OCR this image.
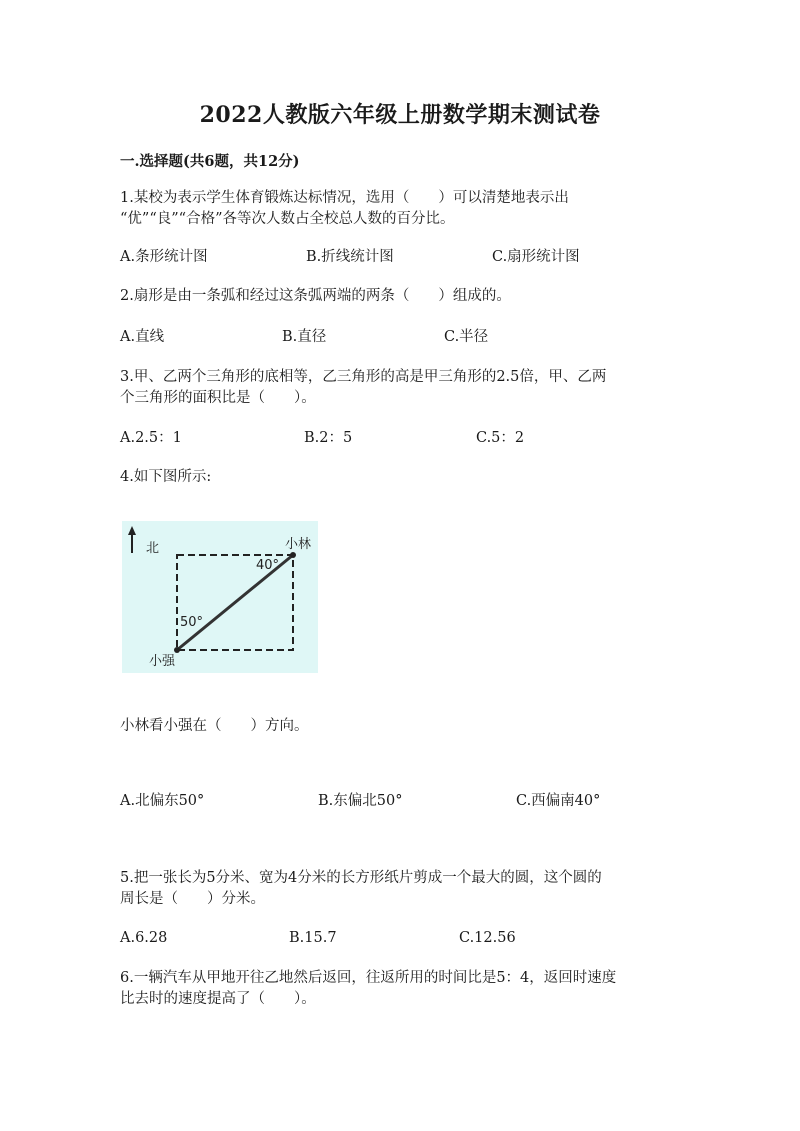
2022人教版六年级上册数学期末测试卷
一.选择题(共6题，共12分)
1.某校为表示学生体育锻炼达标情况，选用（　　）可以清楚地表示出
“优”“良”“合格”各等次人数占全校总人数的百分比。
A.条形统计图	B.折线统计图	C.扇形统计图
2.扇形是由一条弧和经过这条弧两端的两条（　　）组成的。
A.直线	B.直径	C.半径
3.甲、乙两个三角形的底相等，乙三角形的高是甲三角形的2.5倍，甲、乙两
个三角形的面积比是（　　）。
A.2.5：1	B.2：5	C.5：2
4.如下图所示:
北	小林
40°
50°
小强
小林看小强在（　　）方向。
A.北偏东50°	B.东偏北50°	C.西偏南40°
5.把一张长为5分米、宽为4分米的长方形纸片剪成一个最大的圆，这个圆的
周长是（　　）分米。
A.6.28	B.15.7	C.12.56
6.一辆汽车从甲地开往乙地然后返回，往返所用的时间比是5：4，返回时速度
比去时的速度提高了（　　）。
